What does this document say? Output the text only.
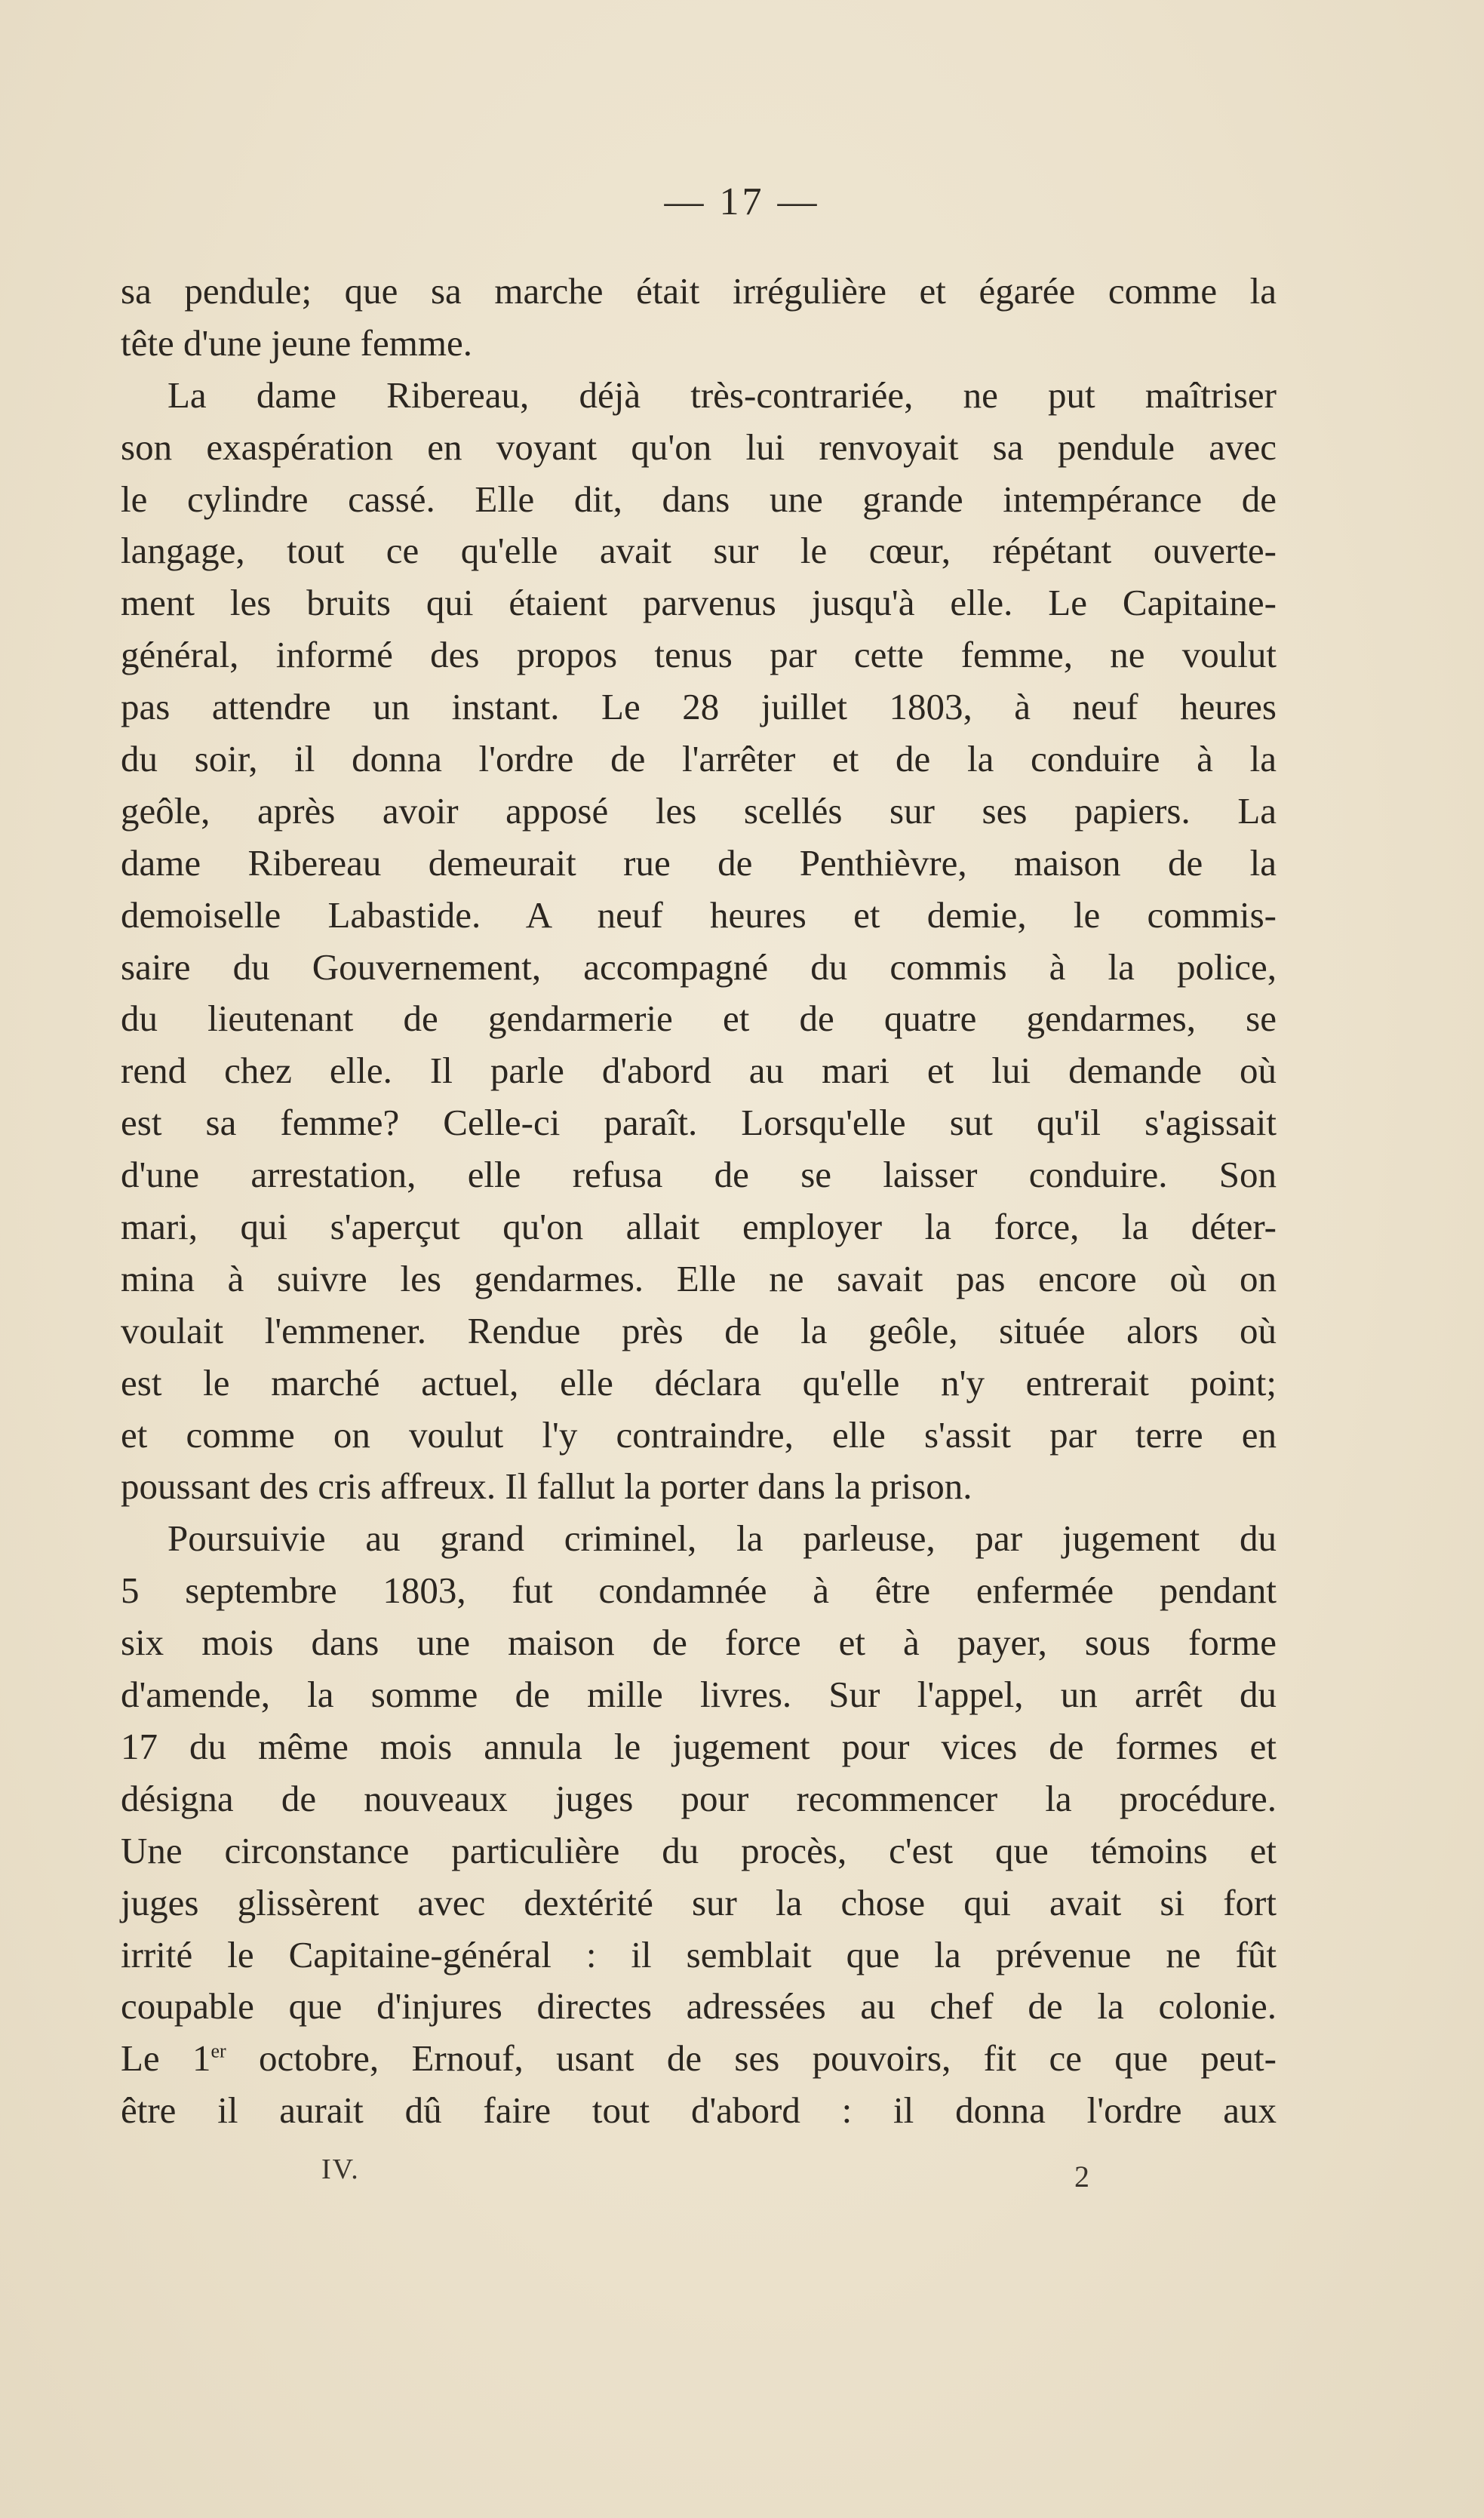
— 17 —
sa pendule; que sa marche était irrégulière et égarée comme la
tête d'une jeune femme.
La dame Ribereau, déjà très-contrariée, ne put maîtriser
son exaspération en voyant qu'on lui renvoyait sa pendule avec
le cylindre cassé. Elle dit, dans une grande intempérance de
langage, tout ce qu'elle avait sur le cœur, répétant ouverte-
ment les bruits qui étaient parvenus jusqu'à elle. Le Capitaine-
général, informé des propos tenus par cette femme, ne voulut
pas attendre un instant. Le 28 juillet 1803, à neuf heures
du soir, il donna l'ordre de l'arrêter et de la conduire à la
geôle, après avoir apposé les scellés sur ses papiers. La
dame Ribereau demeurait rue de Penthièvre, maison de la
demoiselle Labastide. A neuf heures et demie, le commis-
saire du Gouvernement, accompagné du commis à la police,
du lieutenant de gendarmerie et de quatre gendarmes, se
rend chez elle. Il parle d'abord au mari et lui demande où
est sa femme? Celle-ci paraît. Lorsqu'elle sut qu'il s'agissait
d'une arrestation, elle refusa de se laisser conduire. Son
mari, qui s'aperçut qu'on allait employer la force, la déter-
mina à suivre les gendarmes. Elle ne savait pas encore où on
voulait l'emmener. Rendue près de la geôle, située alors où
est le marché actuel, elle déclara qu'elle n'y entrerait point;
et comme on voulut l'y contraindre, elle s'assit par terre en
poussant des cris affreux. Il fallut la porter dans la prison.
Poursuivie au grand criminel, la parleuse, par jugement du
5 septembre 1803, fut condamnée à être enfermée pendant
six mois dans une maison de force et à payer, sous forme
d'amende, la somme de mille livres. Sur l'appel, un arrêt du
17 du même mois annula le jugement pour vices de formes et
désigna de nouveaux juges pour recommencer la procédure.
Une circonstance particulière du procès, c'est que témoins et
juges glissèrent avec dextérité sur la chose qui avait si fort
irrité le Capitaine-général : il semblait que la prévenue ne fût
coupable que d'injures directes adressées au chef de la colonie.
Le 1er octobre, Ernouf, usant de ses pouvoirs, fit ce que peut-
être il aurait dû faire tout d'abord : il donna l'ordre aux
IV.	2
